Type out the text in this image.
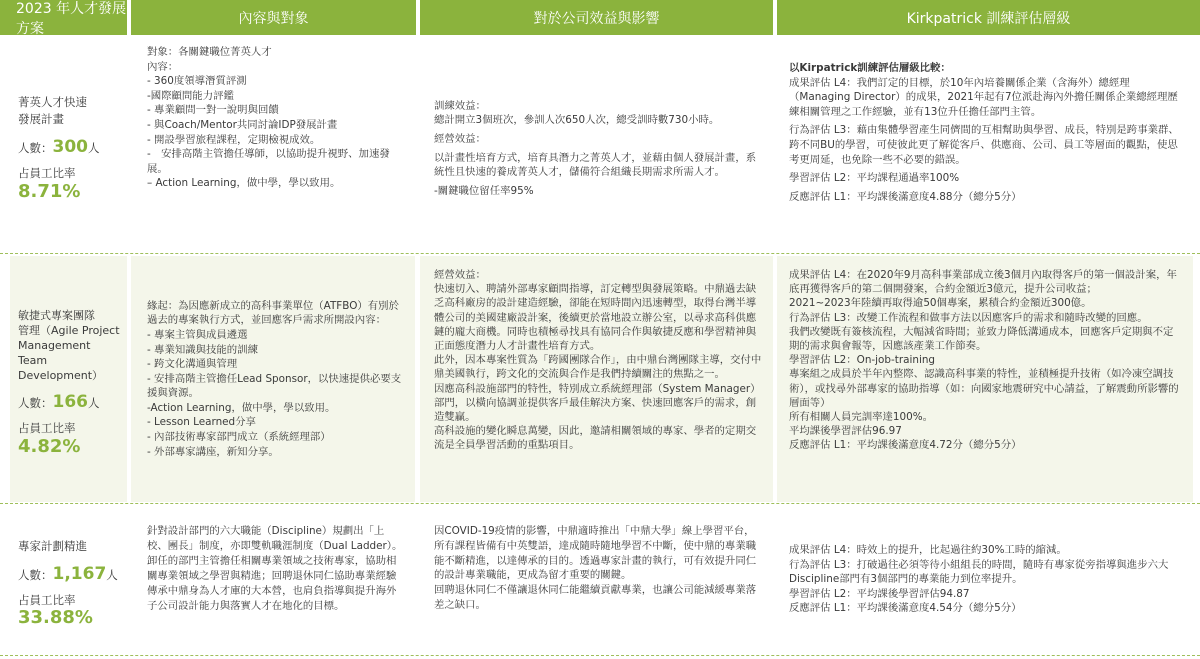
2023 年人才發展方案
內容與對象	對於公司效益與影響	Kirkpatrick 訓練評估層級
菁英人才快速
發展計畫
人數：300人
占員工比率
8.71%

對象：各關鍵職位菁英人才

內容：

- 360度領導潛質評測

-國際顧問能力評鑑

- 專業顧問一對一說明與回饋

- 與Coach/Mentor共同討論IDP發展計畫

- 開設學習旅程課程，定期檢視成效。

-　安排高階主管擔任導師，以協助提升視野、加速發展。

– Action Learning，做中學，學以致用。

訓練效益：

總計開立3個班次，參訓人次650人次，總受訓時數730小時。

經營效益：

以計畫性培育方式，培育具潛力之菁英人才，並藉由個人發展計畫，系統性且快速的養成菁英人才，儲備符合組織長期需求所需人才。

-關鍵職位留任率95%

以Kirpatrick訓練評估層級比較：

成果評估 L4：我們訂定的目標，於10年內培養關係企業（含海外）總經理（Managing Director）的成果，2021年起有7位派赴海內外擔任關係企業總經理歷練相關管理之工作經驗，並有13位升任擔任部門主管。

行為評估 L3：藉由集體學習產生同儕間的互相幫助與學習、成長，特別是跨事業群、跨不同BU的學習，可使彼此更了解從客戶、供應商、公司、員工等層面的觀點，使思考更周延，也免除一些不必要的錯誤。

學習評估 L2：平均課程通過率100%

反應評估 L1：平均課後滿意度4.88分（總分5分）

敏捷式專案團隊
管理（Agile Project
Management Team
Development）
人數：166人
占員工比率
4.82%

緣起：為因應新成立的高科事業單位（ATFBO）有別於過去的專案執行方式，並回應客戶需求所開設內容：

- 專案主管與成員遴選

- 專業知識與技能的訓練

- 跨文化溝通與管理

- 安排高階主管擔任Lead Sponsor，以快速提供必要支援與資源。

-Action Learning，做中學，學以致用。

- Lesson Learned分享

- 內部技術專家部門成立（系統經理部）

- 外部專家講座，新知分享。

經營效益：

快速切入、聘請外部專家顧問指導，訂定轉型與發展策略。中鼎過去缺乏高科廠房的設計建造經驗，卻能在短時間內迅速轉型，取得台灣半導體公司的美國建廠設計案，後續更於當地設立辦公室，以尋求高科供應鏈的龐大商機。同時也積極尋找具有協同合作與敏捷反應和學習精神與正面態度潛力人才計畫性培育方式。

此外，因本專案性質為「跨國團隊合作」，由中鼎台灣團隊主導，交付中鼎美國執行，跨文化的交流與合作是我們持續關注的焦點之一。

因應高科設施部門的特性，特別成立系統經理部（System Manager）部門，以橫向協調並提供客戶最佳解決方案、快速回應客戶的需求，創造雙贏。

高科設施的變化瞬息萬變，因此，邀請相關領域的專家、學者的定期交流是全員學習活動的重點項目。

成果評估 L4：在2020年9月高科事業部成立後3個月內取得客戶的第一個設計案，年底再獲得客戶的第二個開發案，合約金額近3億元，提升公司收益；

2021~2023年陸續再取得逾50個專案，累積合約金額近300億。

行為評估 L3：改變工作流程和做事方法以因應客戶的需求和隨時改變的回應。

我們改變既有簽核流程，大幅減省時間；並致力降低溝通成本，回應客戶定期與不定期的需求與會報等，因應該產業工作節奏。

學習評估 L2：On-job-training

專案組之成員於半年內整際、認識高科事業的特性，並積極提升技術（如冷凍空調技術），或找尋外部專家的協助指導（如：向國家地震研究中心請益，了解震動所影響的層面等）

所有相關人員完訓率達100%。

平均課後學習評估96.97

反應評估 L1：平均課後滿意度4.72分（總分5分）

專家計劃精進
人數：1,167人
占員工比率
33.88%

針對設計部門的六大職能（Discipline）規劃出「上校、團長」制度，亦即雙軌職涯制度（Dual Ladder）。卸任的部門主管擔任相關專業領域之技術專家，協助相關專業領域之學習與精進；回聘退休同仁協助專業經驗傳承中鼎身為人才庫的大本營，也肩負指導與提升海外子公司設計能力與落實人才在地化的目標。

因COVID-19疫情的影響，中鼎適時推出「中鼎大學」線上學習平台，所有課程皆備有中英雙語，達成隨時隨地學習不中斷，使中鼎的專業職能不斷精進，以達傳承的目的。透過專家計畫的執行，可有效提升同仁的設計專業職能，更成為留才重要的關鍵。

回聘退休同仁不僅讓退休同仁能繼續貢獻專業，也讓公司能減緩專業落差之缺口。

成果評估 L4：時效上的提升，比起過往約30%工時的縮減。

行為評估 L3：打破過往必須等待小組組長的時間，隨時有專家從旁指導與進步六大Discipline部門有3個部門的專業能力到位率提升。

學習評估 L2：平均課後學習評估94.87

反應評估 L1：平均課後滿意度4.54分（總分5分）
